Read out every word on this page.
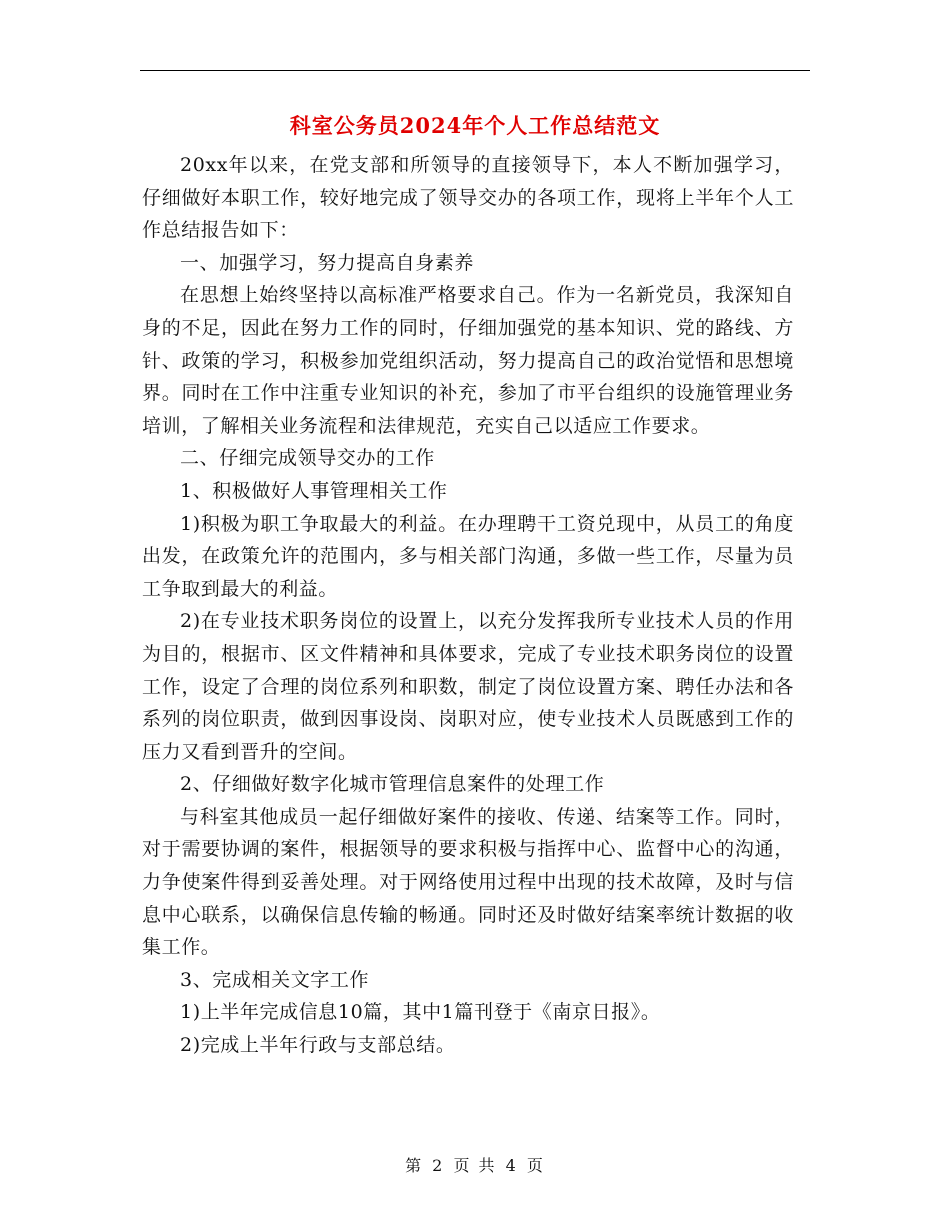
科室公务员2024年个人工作总结范文

20xx年以来，在党支部和所领导的直接领导下，本人不断加强学习，仔细做好本职工作，较好地完成了领导交办的各项工作，现将上半年个人工作总结报告如下：

一、加强学习，努力提高自身素养

在思想上始终坚持以高标准严格要求自己。作为一名新党员，我深知自身的不足，因此在努力工作的同时，仔细加强党的基本知识、党的路线、方针、政策的学习，积极参加党组织活动，努力提高自己的政治觉悟和思想境界。同时在工作中注重专业知识的补充，参加了市平台组织的设施管理业务培训，了解相关业务流程和法律规范，充实自己以适应工作要求。

二、仔细完成领导交办的工作

1、积极做好人事管理相关工作

1)积极为职工争取最大的利益。在办理聘干工资兑现中，从员工的角度出发，在政策允许的范围内，多与相关部门沟通，多做一些工作，尽量为员工争取到最大的利益。

2)在专业技术职务岗位的设置上，以充分发挥我所专业技术人员的作用为目的，根据市、区文件精神和具体要求，完成了专业技术职务岗位的设置工作，设定了合理的岗位系列和职数，制定了岗位设置方案、聘任办法和各系列的岗位职责，做到因事设岗、岗职对应，使专业技术人员既感到工作的压力又看到晋升的空间。

2、仔细做好数字化城市管理信息案件的处理工作

与科室其他成员一起仔细做好案件的接收、传递、结案等工作。同时，对于需要协调的案件，根据领导的要求积极与指挥中心、监督中心的沟通，力争使案件得到妥善处理。对于网络使用过程中出现的技术故障，及时与信息中心联系，以确保信息传输的畅通。同时还及时做好结案率统计数据的收集工作。

3、完成相关文字工作

1)上半年完成信息10篇，其中1篇刊登于《南京日报》。

2)完成上半年行政与支部总结。

第 2 页 共 4 页
